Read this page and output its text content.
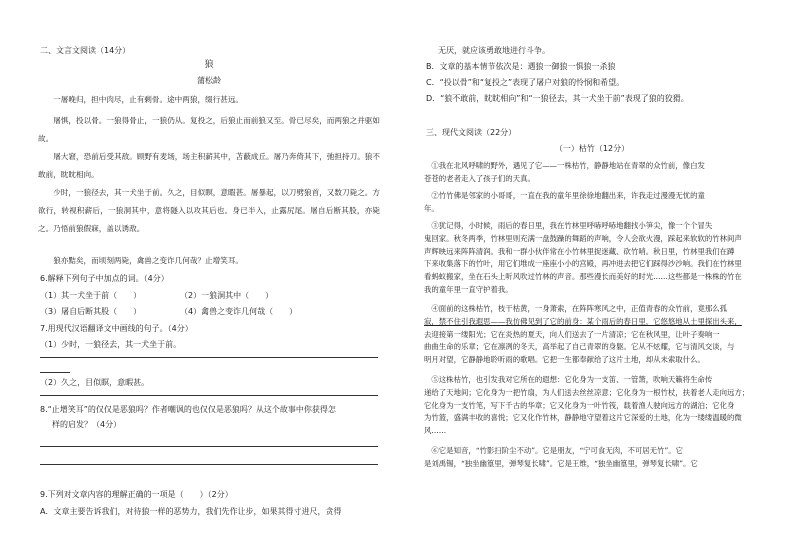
二、文言文阅读（14分）
狼
蒲松龄
一屠晚归，担中肉尽，止有剩骨。途中两狼，缀行甚远。
屠惧，投以骨。一狼得骨止，一狼仍从。复投之，后狼止而前狼又至。骨已尽矣，而两狼之并驱如故。
屠大窘，恐前后受其敌。顾野有麦场，场主积薪其中，苫蔽成丘。屠乃奔倚其下，弛担持刀。狼不敢前，眈眈相向。
少时，一狼径去，其一犬坐于前。久之，目似瞑，意暇甚。屠暴起，以刀劈狼首，又数刀毙之。方欲行，转视积薪后，一狼洞其中，意将隧入以攻其后也。身已半入，止露尻尾。屠自后断其股，亦毙之。乃悟前狼假寐，盖以诱敌。
狼亦黠矣，而顷刻两毙，禽兽之变诈几何哉？止增笑耳。
6.解释下列句子中加点的词。（4分）
（1）其一犬坐于前（　　）	（2）一狼洞其中（　　）
（3）屠自后断其股（　　）	（4）禽兽之变诈几何哉（　　）
7.用现代汉语翻译文中画线的句子。（4分）
（1）少时，一狼径去，其一犬坐于前。
（2）久之，目似瞑，意暇甚。
8.“止增笑耳”的仅仅是恶狼吗？作者嘲讽的也仅仅是恶狼吗？从这个故事中你获得怎
样的启发？（4分）
9.下列对文章内容的理解正确的一项是（　　）（2分）
A．文章主要告诉我们，对待狼一样的恶势力，我们先作让步，如果其得寸进尺，贪得
无厌，就应该勇敢地进行斗争。
B．文章的基本情节依次是：遇狼一御狼一惧狼一杀狼
C．“投以骨”和“复投之”表现了屠户对狼的怜悯和希望。
D．“狼不敢前，眈眈相向”和“一狼径去，其一犬坐于前”表现了狼的狡猾。
三、现代文阅读（22分）
（一）枯竹（12分）
①我在北风呼啸的野外，遇见了它——一株枯竹，静静地站在青翠的众竹前，像白发
苍苍的老者走入了孩子们的天真。
②竹竹佛是邻家的小哥哥，一直在我的童年里徐徐地翻出来，许我走过漫漫无忧的童
年。
③犹记得，小时候，雨后的春日里，我在竹林里呼哧呼哧地翻找小笋尖，像一个个冒失
鬼回家。秋冬两季，竹林里则充满一盘鼓躁的舞蹈的声响，令人会欲火漫，踩起来软软的竹林间声
声辉映远来阵阵清润。我和一群小伙伴常在小竹林里捉迷藏、砍竹哨。秋日里，竹林里我们在蹲
下来收集落下的竹叶，用它们堆成一座座小小的宫殿，再冲进去把它们踩得沙沙响。我们在竹林里
看蚂蚁搬家，坐在石头上听风吹过竹林的声音。那些漫长而美好的时光……这些都是一株株的竹在
我的童年里一直守护着我。
④面前的这株枯竹，枝干枯黄，一身萧索，在阵阵寒风之中，正值青春的众竹前，竟那么孤
寂，禁不住引我遐思——我仿佛见到了它的前身：某个雨后的春日里，它悠悠地从土里探出头来，
去迎接第一缕阳光；它在炎热的夏天，向人们送去了一片清凉；它在秋风里，让叶子奏响一
曲曲生命的乐章；它在凛冽的冬天，高举起了自己青翠的身躯。它从不炫耀，它与清风交谈，与
明月对望，它静静地聆听雨的歌唱。它把一生都奉献给了这片土地，却从未索取什么。
⑤这株枯竹，也引发我对它所在的遐想：它化身为一支笛、一管箫，吹响天籁将生命传
递给了天地间；它化身为一把竹扇，为人们送去丝丝凉意；它化身为一根竹杖，扶着老人走向远方；
它化身为一支竹笔，写下千古的华章；它又化身为一叶竹筏，载着渔人驶向远方的湖泊；它化身
为竹篮，盛满丰收的喜悦；它又化作竹林，静静地守望着这片它深爱的土地，化为一缕缕温暖的微
风……
⑥它是知音，“竹影扫阶尘不动”。它是朋友，“宁可食无肉，不可居无竹”。它
是刘禹锡，“独坐幽篁里，弹琴复长啸”。它是王维，“独坐幽篁里，弹琴复长啸”。它
